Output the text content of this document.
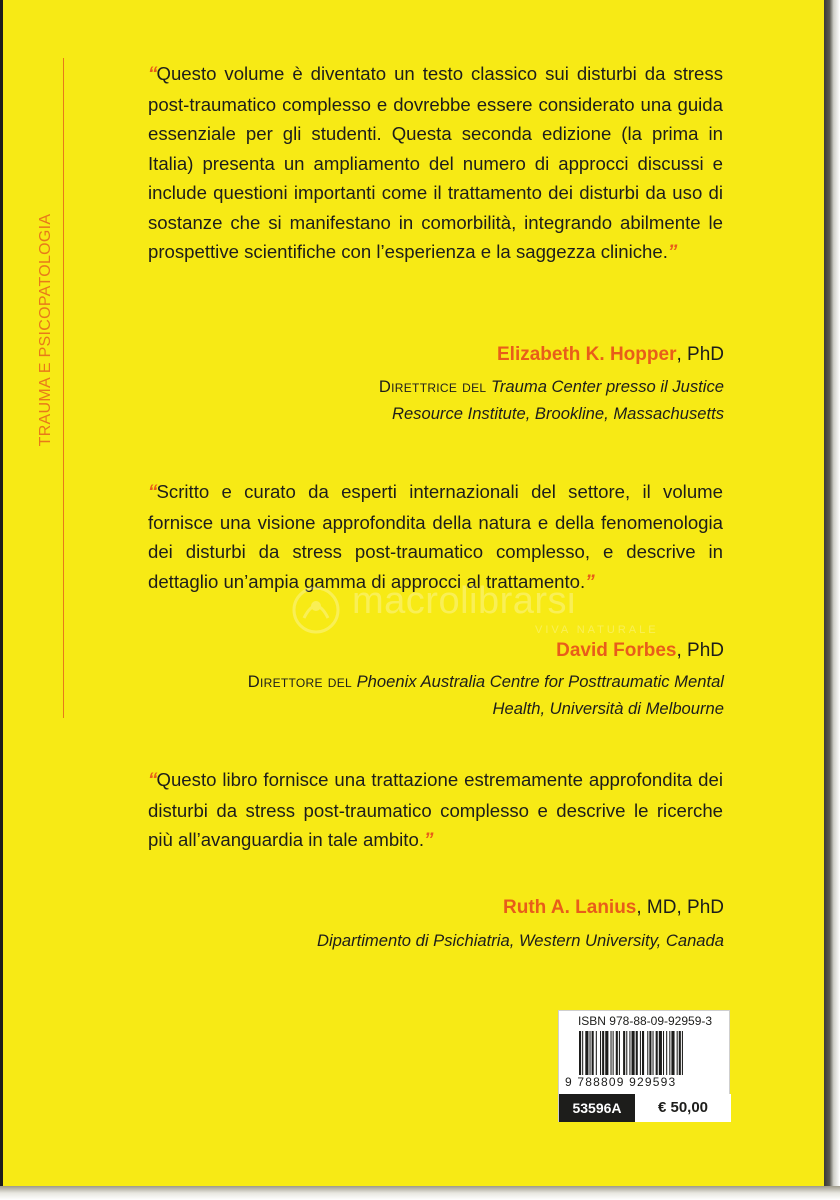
TRAUMA E PSICOPATOLOGIA
“Questo volume è diventato un testo classico sui disturbi da stress post-traumatico complesso e dovrebbe essere considerato una guida essenziale per gli studenti. Questa seconda edizione (la prima in Italia) presenta un ampliamento del numero di approcci discussi e include questioni importanti come il trattamento dei disturbi da uso di sostanze che si manifestano in comorbilità, integrando abilmente le prospettive scientifiche con l’esperienza e la saggezza cliniche.”
Elizabeth K. Hopper, PhD
Direttrice del Trauma Center presso il Justice
Resource Institute, Brookline, Massachusetts
“Scritto e curato da esperti internazionali del settore, il volume fornisce una visione approfondita della natura e della fenomenologia dei disturbi da stress post-traumatico complesso, e descrive in dettaglio un’ampia gamma di approcci al trattamento.”
David Forbes, PhD
Direttore del Phoenix Australia Centre for Posttraumatic Mental
Health, Università di Melbourne
“Questo libro fornisce una trattazione estremamente approfondita dei disturbi da stress post-traumatico complesso e descrive le ricerche più all’avanguardia in tale ambito.”
Ruth A. Lanius, MD, PhD
Dipartimento di Psichiatria, Western University, Canada
macrolibrarsi
VIVA NATURALE
ISBN 978-88-09-92959-3
9 788809 929593
53596A	€ 50,00
